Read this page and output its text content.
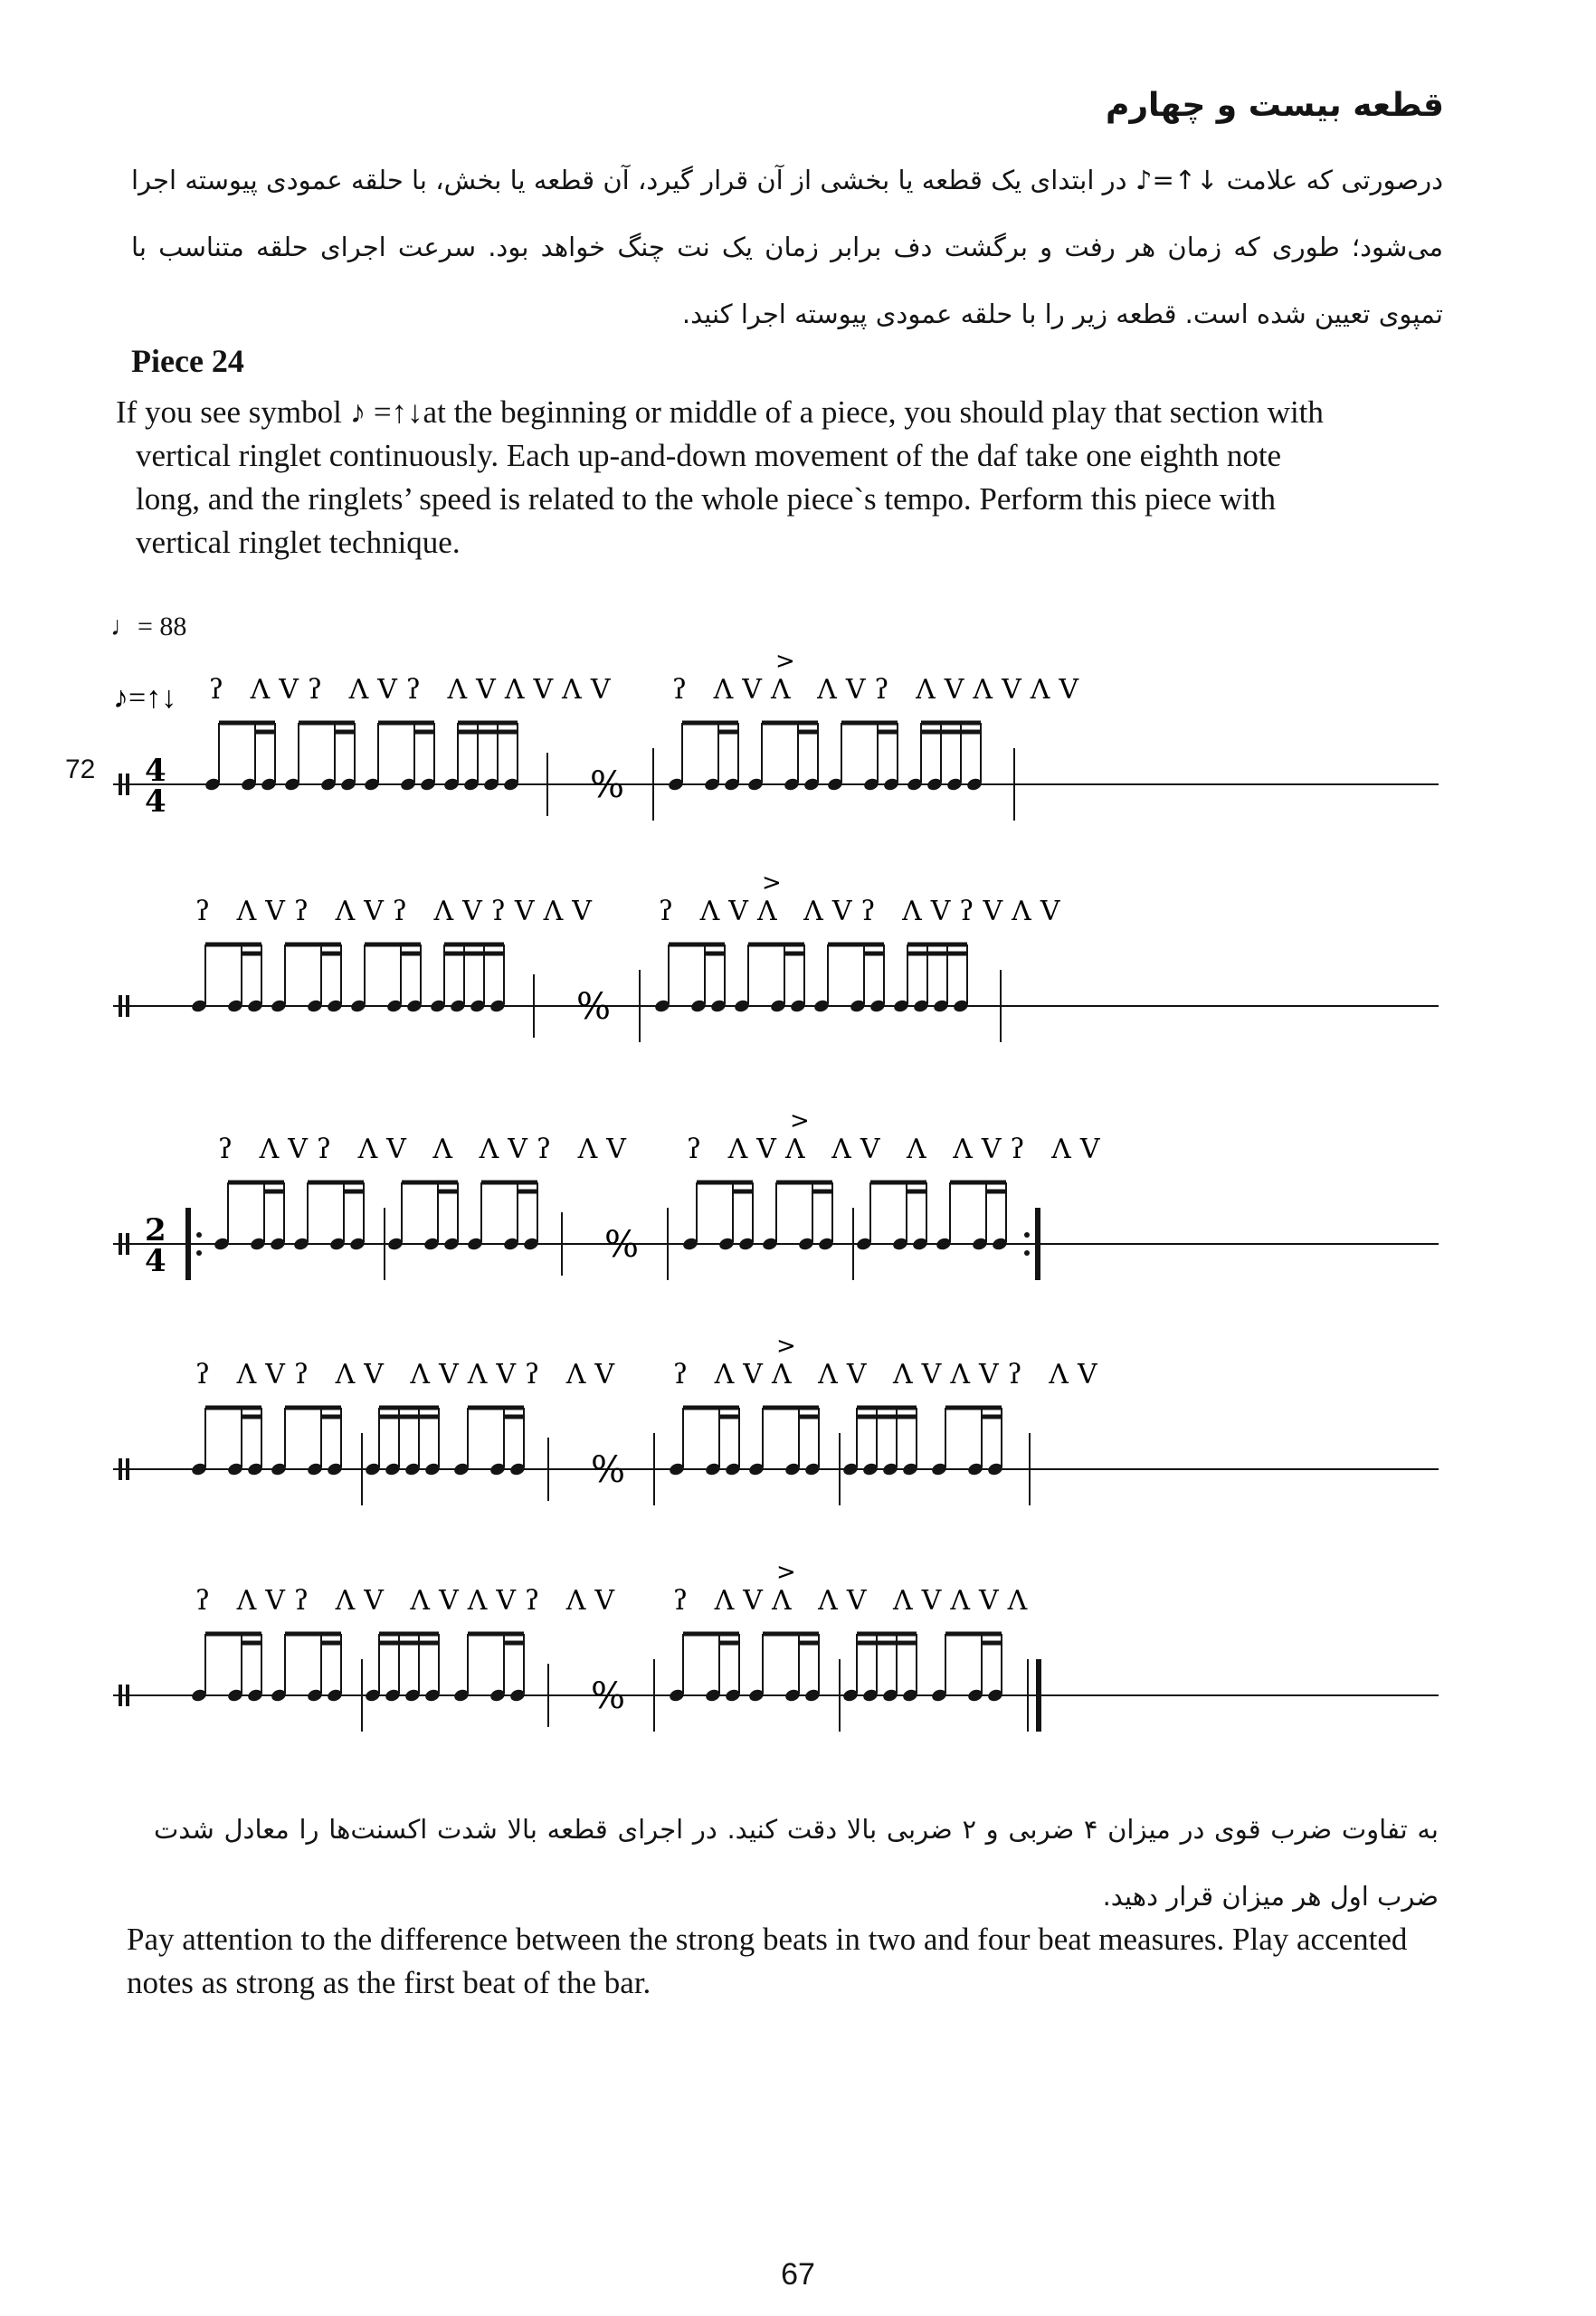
قطعه بیست و چهارم
درصورتی که علامت ↓↑=♪ در ابتدای یک قطعه یا بخشی از آن قرار گیرد، آن قطعه یا بخش، با حلقه عمودی پیوسته اجرا می‌شود؛ طوری که زمان هر رفت و برگشت دف برابر زمان یک نت چنگ خواهد بود. سرعت اجرای حلقه متناسب با تمپوی تعیین شده است. قطعه زیر را با حلقه عمودی پیوسته اجرا کنید.
Piece 24
If you see symbol ♪ =↑↓at the beginning or middle of a piece, you should play that section with
vertical ringlet continuously. Each up-and-down movement of the daf take one eighth note
long, and the ringlets’ speed is related to the whole piece`s tempo. Perform this piece with
vertical ringlet technique.
♩= 88
72
♪=↑↓
4
4
ʔ ΛVʔ ΛVʔ ΛVΛVΛV
%
ʔ ΛVΛ ΛVʔ ΛVΛVΛV
>
ʔ ΛVʔ ΛVʔ ΛVʔVΛV
%
ʔ ΛVΛ ΛVʔ ΛVʔVΛV
>
2
4
ʔ ΛVʔ ΛV Λ ΛVʔ ΛV
%
ʔ ΛVΛ ΛV Λ ΛVʔ ΛV
>
ʔ ΛVʔ ΛV ΛVΛVʔ ΛV
%
ʔ ΛVΛ ΛV ΛVΛVʔ ΛV
>
ʔ ΛVʔ ΛV ΛVΛVʔ ΛV
%
ʔ ΛVΛ ΛV ΛVΛVΛ
>
به تفاوت ضرب قوی در میزان ۴ ضربی و ۲ ضربی بالا دقت کنید. در اجرای قطعه بالا شدت اکسنت‌ها را معادل شدت ضرب اول هر میزان قرار دهید.
Pay attention to the difference between the strong beats in two and four beat measures. Play accented notes as strong as the first beat of the bar.
67
